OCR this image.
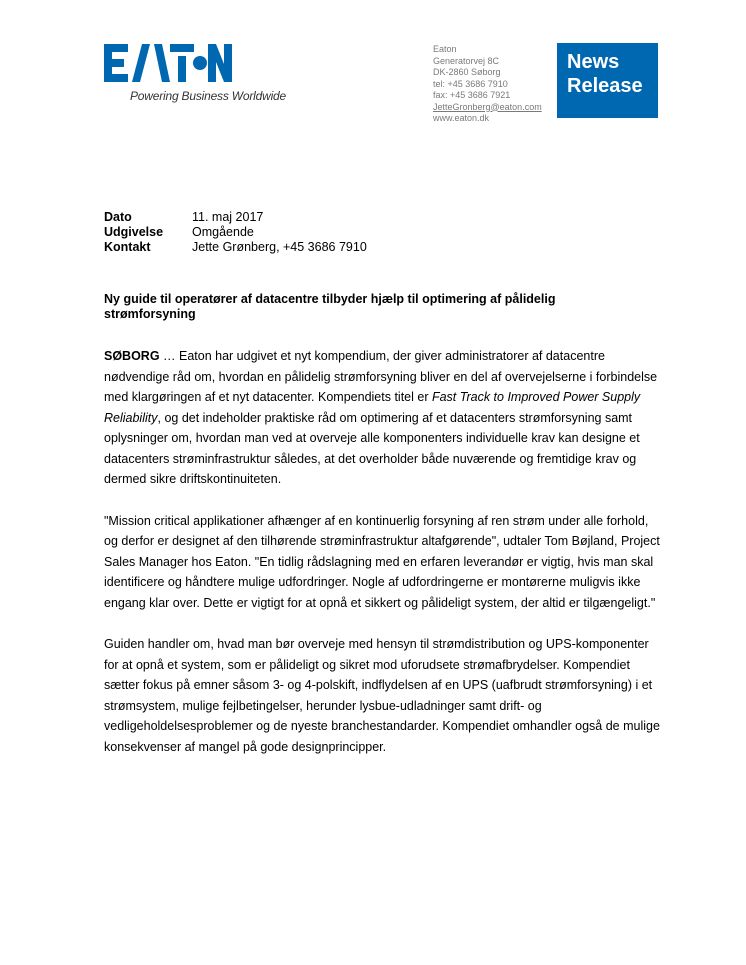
Powering Business Worldwide
Eaton
Generatorvej 8C
DK-2860 Søborg
tel: +45 3686 7910
fax: +45 3686 7921
JetteGronberg@eaton.com
www.eaton.dk
News
Release
Dato	11. maj 2017
Udgivelse	Omgående
Kontakt	Jette Grønberg, +45 3686 7910
Ny guide til operatører af datacentre tilbyder hjælp til optimering af pålidelig strømforsyning

SØBORG … Eaton har udgivet et nyt kompendium, der giver administratorer af datacentre nødvendige råd om, hvordan en pålidelig strømforsyning bliver en del af overvejelserne i forbindelse med klargøringen af et nyt datacenter. Kompendiets titel er Fast Track to Improved Power Supply Reliability, og det indeholder praktiske råd om optimering af et datacenters strømforsyning samt oplysninger om, hvordan man ved at overveje alle komponenters individuelle krav kan designe et datacenters strøminfrastruktur således, at det overholder både nuværende og fremtidige krav og dermed sikre driftskontinuiteten.

"Mission critical applikationer afhænger af en kontinuerlig forsyning af ren strøm under alle forhold, og derfor er designet af den tilhørende strøminfrastruktur altafgørende", udtaler Tom Bøjland, Project Sales Manager hos Eaton. "En tidlig rådslagning med en erfaren leverandør er vigtig, hvis man skal identificere og håndtere mulige udfordringer. Nogle af udfordringerne er montørerne muligvis ikke engang klar over. Dette er vigtigt for at opnå et sikkert og pålideligt system, der altid er tilgængeligt."

Guiden handler om, hvad man bør overveje med hensyn til strømdistribution og UPS-komponenter for at opnå et system, som er pålideligt og sikret mod uforudsete strømafbrydelser. Kompendiet sætter fokus på emner såsom 3- og 4-polskift, indflydelsen af en UPS (uafbrudt strømforsyning) i et strømsystem, mulige fejlbetingelser, herunder lysbue-udladninger samt drift- og vedligeholdelsesproblemer og de nyeste branchestandarder. Kompendiet omhandler også de mulige konsekvenser af mangel på gode designprincipper.
